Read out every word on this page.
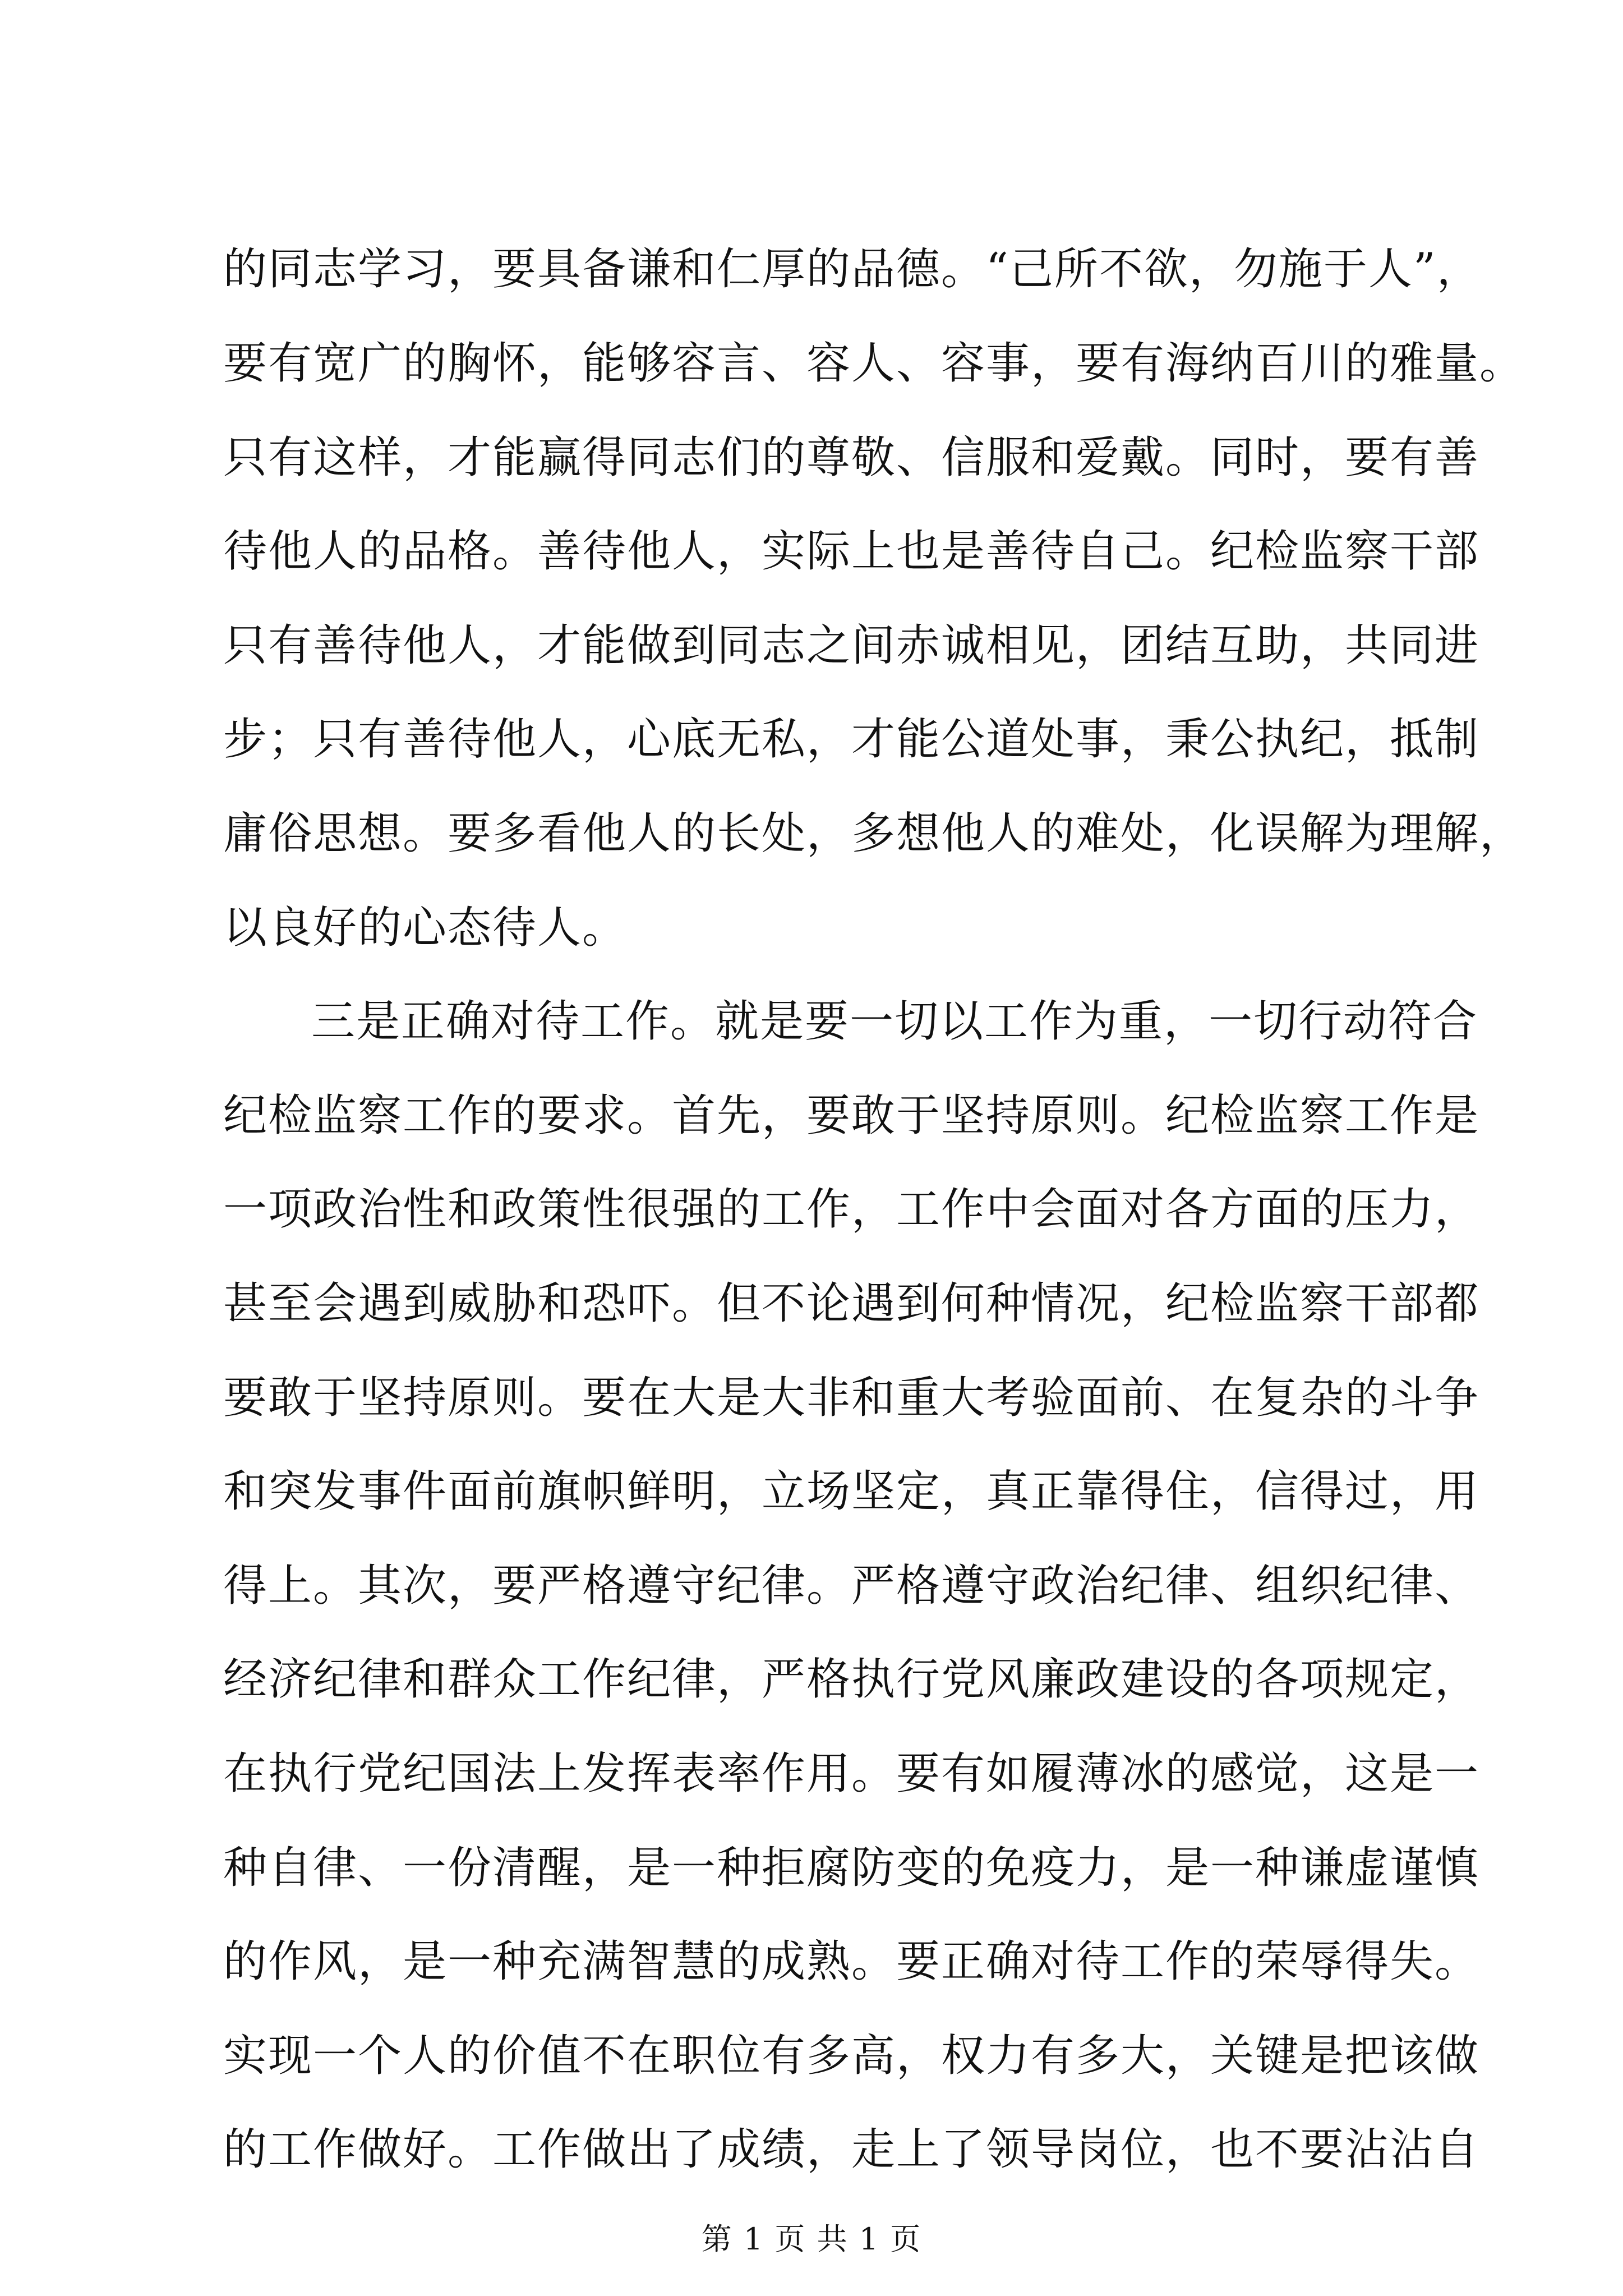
的同志学习，要具备谦和仁厚的品德。“己所不欲，勿施于人”，
要有宽广的胸怀，能够容言、容人、容事，要有海纳百川的雅量。
只有这样，才能赢得同志们的尊敬、信服和爱戴。同时，要有善
待他人的品格。善待他人，实际上也是善待自己。纪检监察干部
只有善待他人，才能做到同志之间赤诚相见，团结互助，共同进
步；只有善待他人，心底无私，才能公道处事，秉公执纪，抵制
庸俗思想。要多看他人的长处，多想他人的难处，化误解为理解，
以良好的心态待人。
三是正确对待工作。就是要一切以工作为重，一切行动符合
纪检监察工作的要求。首先，要敢于坚持原则。纪检监察工作是
一项政治性和政策性很强的工作，工作中会面对各方面的压力，
甚至会遇到威胁和恐吓。但不论遇到何种情况，纪检监察干部都
要敢于坚持原则。要在大是大非和重大考验面前、在复杂的斗争
和突发事件面前旗帜鲜明，立场坚定，真正靠得住，信得过，用
得上。其次，要严格遵守纪律。严格遵守政治纪律、组织纪律、
经济纪律和群众工作纪律，严格执行党风廉政建设的各项规定，
在执行党纪国法上发挥表率作用。要有如履薄冰的感觉，这是一
种自律、一份清醒，是一种拒腐防变的免疫力，是一种谦虚谨慎
的作风，是一种充满智慧的成熟。要正确对待工作的荣辱得失。
实现一个人的价值不在职位有多高，权力有多大，关键是把该做
的工作做好。工作做出了成绩，走上了领导岗位，也不要沾沾自
第 1 页 共 1 页
